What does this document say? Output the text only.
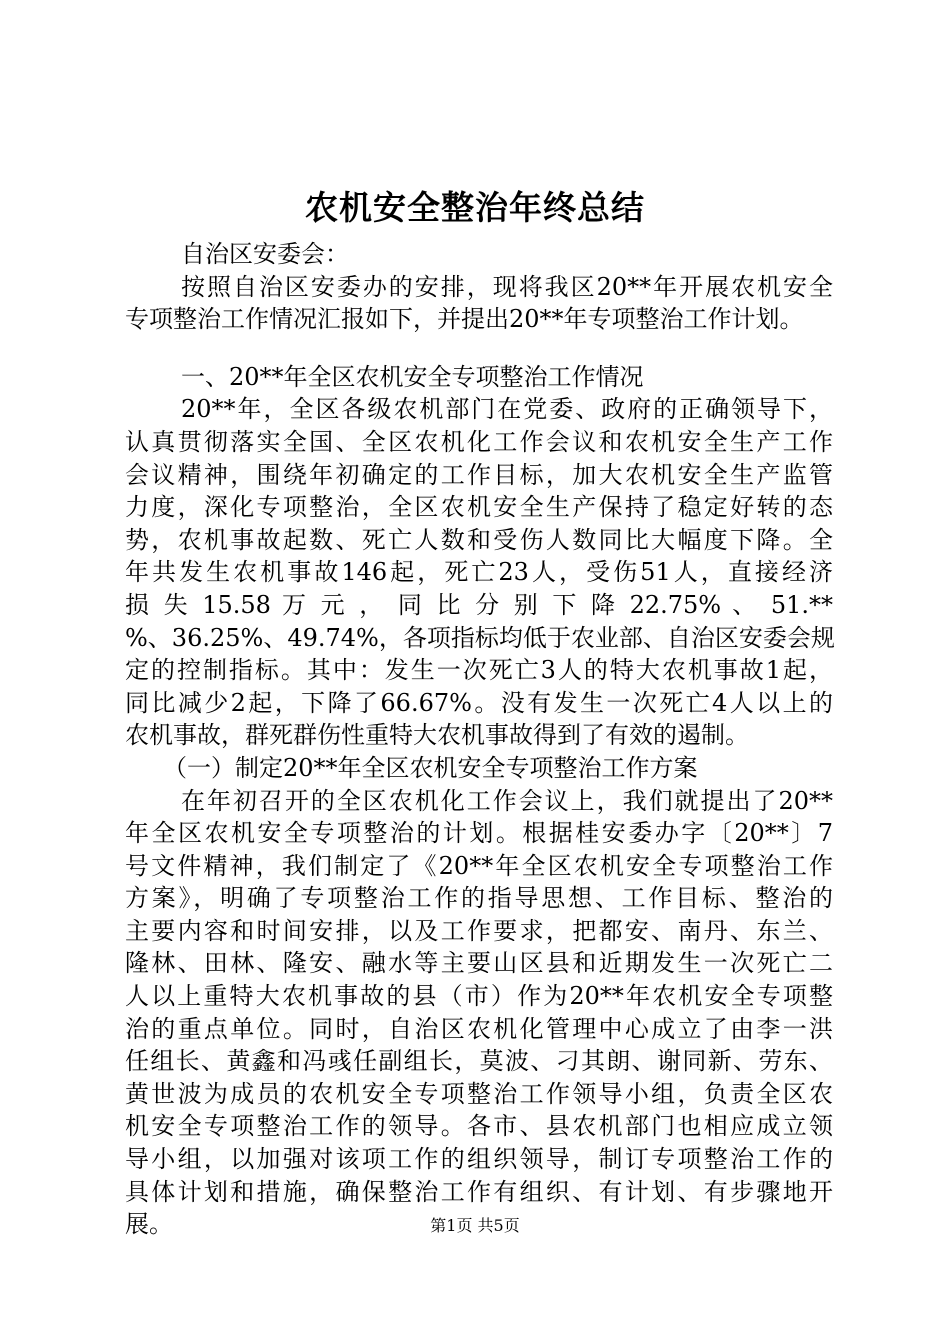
农机安全整治年终总结
自治区安委会：
按照自治区安委办的安排，现将我区20**年开展农机安全
专项整治工作情况汇报如下，并提出20**年专项整治工作计划。
一、20**年全区农机安全专项整治工作情况
20**年，全区各级农机部门在党委、政府的正确领导下，
认真贯彻落实全国、全区农机化工作会议和农机安全生产工作
会议精神，围绕年初确定的工作目标，加大农机安全生产监管
力度，深化专项整治，全区农机安全生产保持了稳定好转的态
势，农机事故起数、死亡人数和受伤人数同比大幅度下降。全
年共发生农机事故146起，死亡23人，受伤51人，直接经济
损 失 15.58 万 元 ， 同 比 分 别 下 降 22.75% 、 51.**
%、36.25%、49.74%，各项指标均低于农业部、自治区安委会规
定的控制指标。其中：发生一次死亡3人的特大农机事故1起，
同比减少2起，下降了66.67%。没有发生一次死亡4人以上的
农机事故，群死群伤性重特大农机事故得到了有效的遏制。
（一）制定20**年全区农机安全专项整治工作方案
在年初召开的全区农机化工作会议上，我们就提出了20**
年全区农机安全专项整治的计划。根据桂安委办字〔20**〕7
号文件精神，我们制定了《20**年全区农机安全专项整治工作
方案》，明确了专项整治工作的指导思想、工作目标、整治的
主要内容和时间安排，以及工作要求，把都安、南丹、东兰、
隆林、田林、隆安、融水等主要山区县和近期发生一次死亡二
人以上重特大农机事故的县（市）作为20**年农机安全专项整
治的重点单位。同时，自治区农机化管理中心成立了由李一洪
任组长、黄鑫和冯彧任副组长，莫波、刁其朗、谢同新、劳东、
黄世波为成员的农机安全专项整治工作领导小组，负责全区农
机安全专项整治工作的领导。各市、县农机部门也相应成立领
导小组，以加强对该项工作的组织领导，制订专项整治工作的
具体计划和措施，确保整治工作有组织、有计划、有步骤地开
展。	第1页 共5页
